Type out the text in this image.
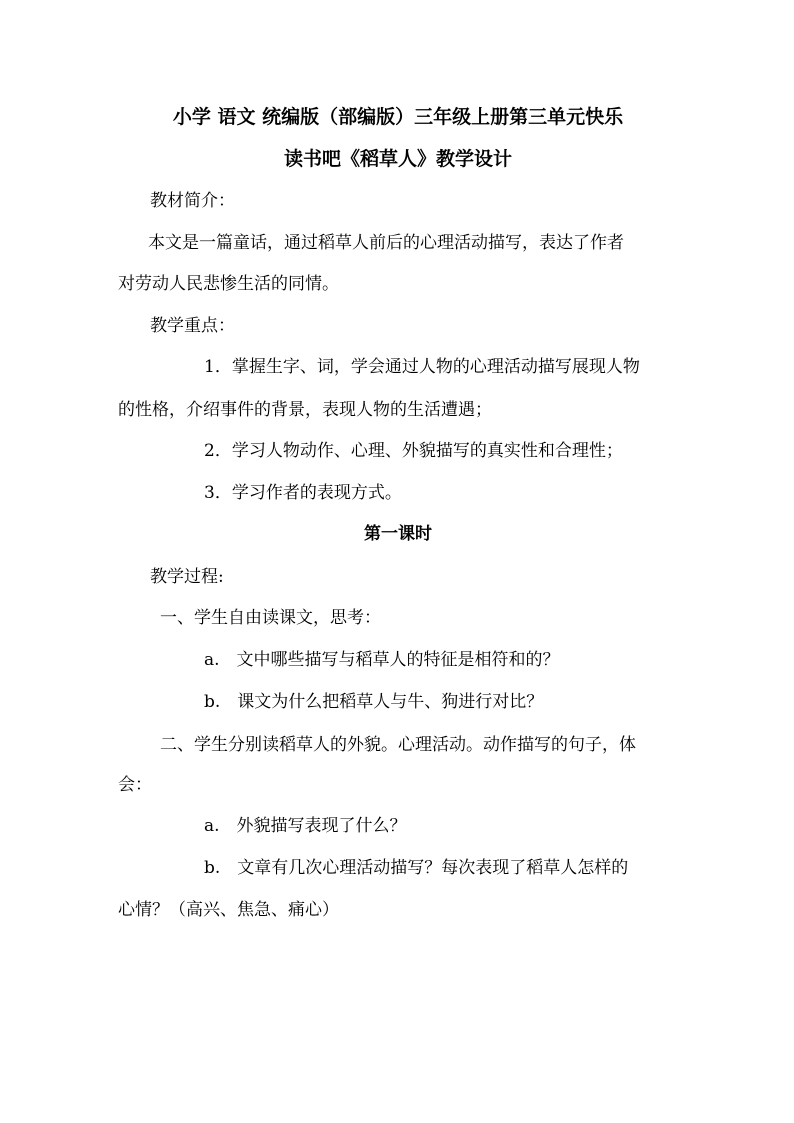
小学 语文 统编版（部编版）三年级上册第三单元快乐
读书吧《稻草人》教学设计
教材简介：
本文是一篇童话，通过稻草人前后的心理活动描写，表达了作者
对劳动人民悲惨生活的同情。
教学重点：
1．掌握生字、词，学会通过人物的心理活动描写展现人物
的性格，介绍事件的背景，表现人物的生活遭遇；
2．学习人物动作、心理、外貌描写的真实性和合理性；
3．学习作者的表现方式。
第一课时
教学过程:
一、学生自由读课文，思考：
a.　文中哪些描写与稻草人的特征是相符和的？
b.　课文为什么把稻草人与牛、狗进行对比？
二、学生分别读稻草人的外貌。心理活动。动作描写的句子，体
会：
a.　外貌描写表现了什么？
b.　文章有几次心理活动描写？每次表现了稻草人怎样的
心情？（高兴、焦急、痛心）
